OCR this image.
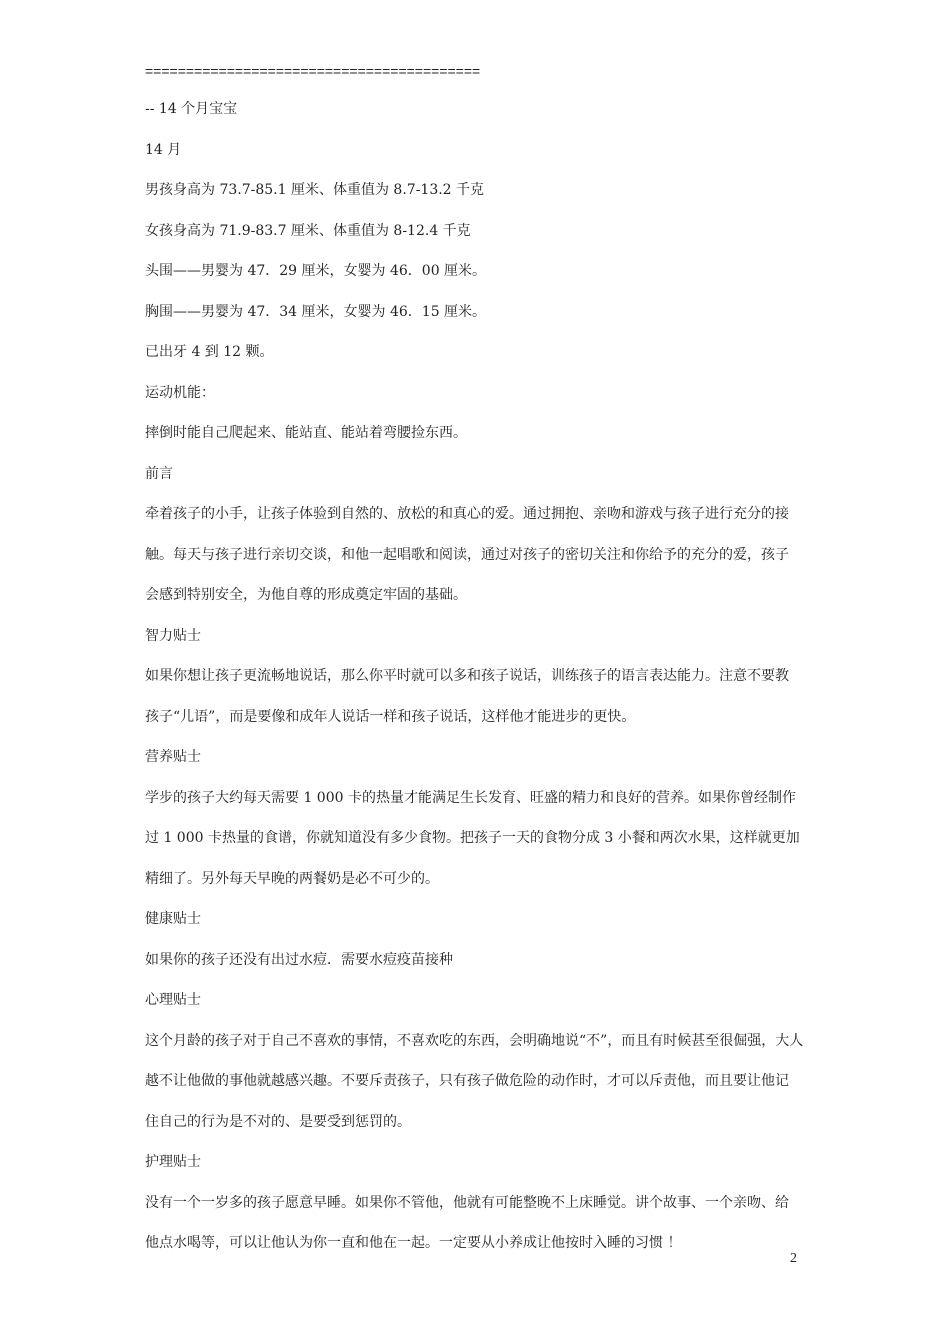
=========================================
-- 14 个月宝宝
14 月
男孩身高为 73.7-85.1 厘米、体重值为 8.7-13.2 千克
女孩身高为 71.9-83.7 厘米、体重值为 8-12.4 千克
头围——男婴为 47．29 厘米，女婴为 46．00 厘米。
胸围——男婴为 47．34 厘米，女婴为 46．15 厘米。
已出牙 4 到 12 颗。
运动机能：
摔倒时能自己爬起来、能站直、能站着弯腰捡东西。
前言
牵着孩子的小手，让孩子体验到自然的、放松的和真心的爱。通过拥抱、亲吻和游戏与孩子进行充分的接
触。每天与孩子进行亲切交谈，和他一起唱歌和阅读，通过对孩子的密切关注和你给予的充分的爱，孩子
会感到特别安全，为他自尊的形成奠定牢固的基础。
智力贴士
如果你想让孩子更流畅地说话，那么你平时就可以多和孩子说话，训练孩子的语言表达能力。注意不要教
孩子“儿语”，而是要像和成年人说话一样和孩子说话，这样他才能进步的更快。
营养贴士
学步的孩子大约每天需要 1 000 卡的热量才能满足生长发育、旺盛的精力和良好的营养。如果你曾经制作
过 1 000 卡热量的食谱，你就知道没有多少食物。把孩子一天的食物分成 3 小餐和两次水果，这样就更加
精细了。另外每天早晚的两餐奶是必不可少的。
健康贴士
如果你的孩子还没有出过水痘．需要水痘疫苗接种
心理贴士
这个月龄的孩子对于自己不喜欢的事情，不喜欢吃的东西，会明确地说“不”，而且有时候甚至很倔强，大人
越不让他做的事他就越感兴趣。不要斥责孩子，只有孩子做危险的动作时，才可以斥责他，而且要让他记
住自己的行为是不对的、是要受到惩罚的。
护理贴士
没有一个一岁多的孩子愿意早睡。如果你不管他，他就有可能整晚不上床睡觉。讲个故事、一个亲吻、给
他点水喝等，可以让他认为你一直和他在一起。一定要从小养成让他按时入睡的习惯 ！
2
